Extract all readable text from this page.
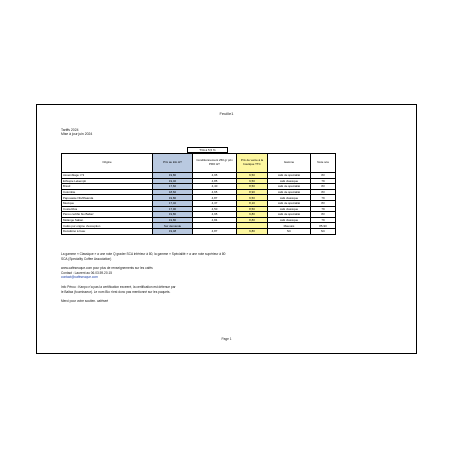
Feuille1
Tariffs 2024
Mise à jour juin 2024
TVA à 5,5 %
Origine	Prix au kilo HT	Conditionnement 250 gr prix PRO HT	Prix de vente à la boutique TTC	Gamme	Note sca
Assemblage n°3	19,80	4,95	9,50	café de spécialité	83
Ethiopie Lekempti	19,40	4,85	9,50	café classique	79
Brésil	17,60	4,40	8,50	café de spécialité	83
Colombie	18,60	4,65	8,90	café de spécialité	83
Papouasie NG/Rwanda	19,80	4,87	9,50	café classique	79
Mexique	17,40	4,37	8,10	café de spécialité	83
Costa Rica	17,90	4,50	8,50	café classique	79
Pérou certifié bio Baltaz	19,80	4,95	9,80	café de spécialité	83
Mélange Saban	19,80	4,84	8,80	café classique	79
Cafés pur origine d'exception	Sur demande			Mauvais	85-90
Décaféiné à l'eau	19,48	4,87	9,80	NC	NC

La gamme « Classique » a une note Q grader SCA inférieur à 80, la gamme « Spécialité » a une note supérieur à 80
SCA (Speciality Coffee Association)

www.caféseuque.com pour plus de renseignements sur les cafés
Contact : Laurent au 06.03.59.20.15
contact@caféseuque.com

Info Pérou : Kanpo n'a pas la certification exceeré, la certification est détenue par
le Baltaz (fournisseur). Le nom Bio n'est donc pas mentionné sur les paquets.

Merci pour votre soutien. caféseé

Page 1
